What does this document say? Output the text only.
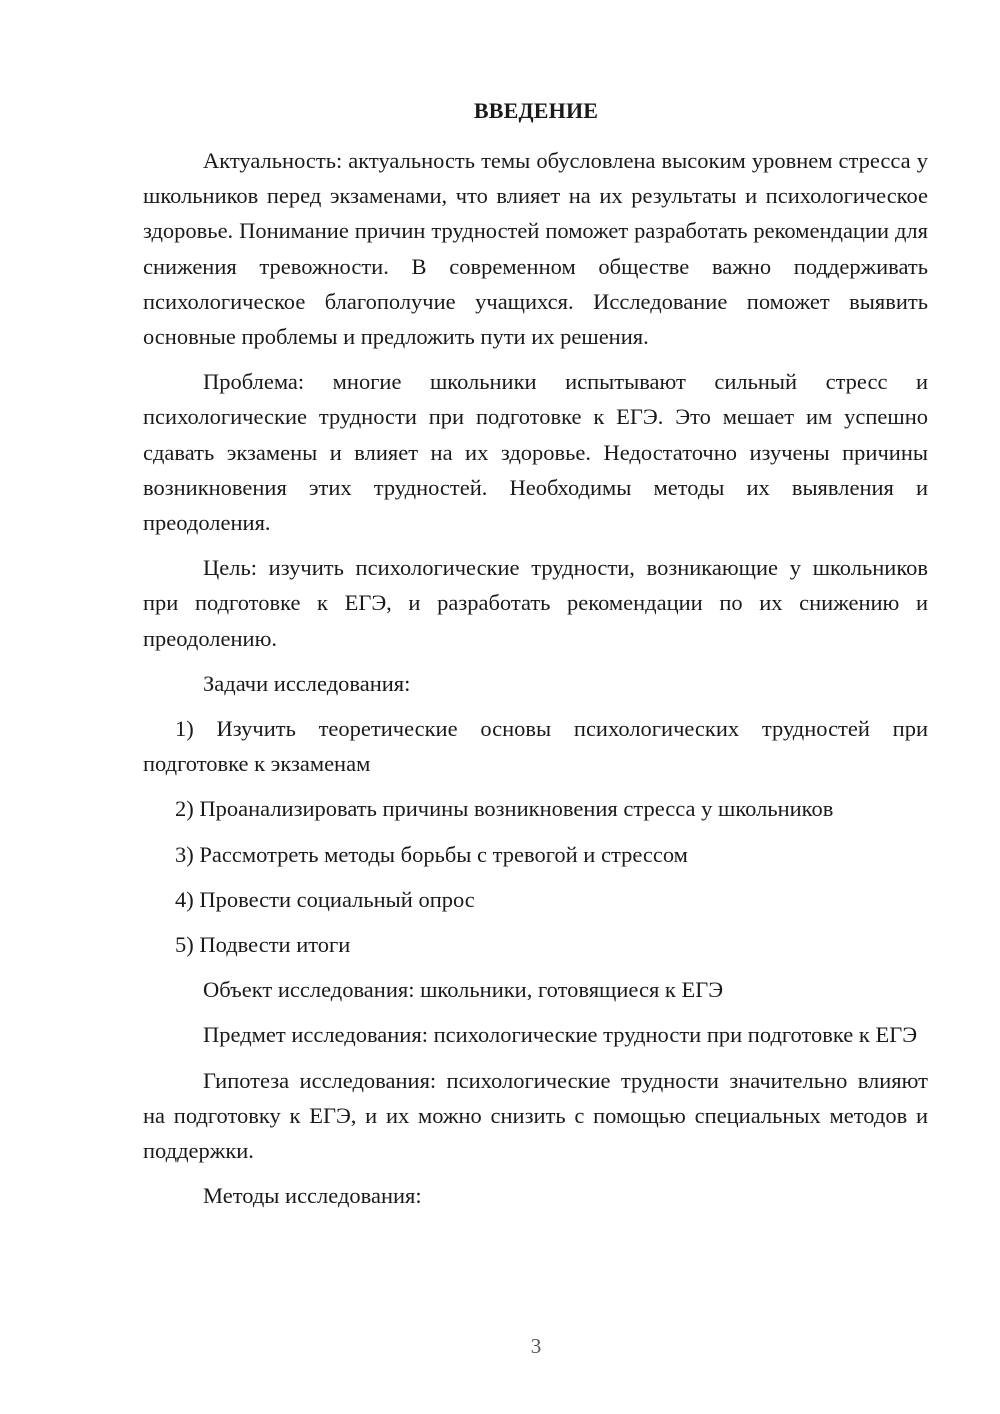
ВВЕДЕНИЕ

Актуальность: актуальность темы обусловлена высоким уровнем стресса у школьников перед экзаменами, что влияет на их результаты и психологическое здоровье. Понимание причин трудностей поможет разработать рекомендации для снижения тревожности. В современном обществе важно поддерживать психологическое благополучие учащихся. Исследование поможет выявить основные проблемы и предложить пути их решения.

Проблема: многие школьники испытывают сильный стресс и психологические трудности при подготовке к ЕГЭ. Это мешает им успешно сдавать экзамены и влияет на их здоровье. Недостаточно изучены причины возникновения этих трудностей. Необходимы методы их выявления и преодоления.

Цель: изучить психологические трудности, возникающие у школьников при подготовке к ЕГЭ, и разработать рекомендации по их снижению и преодолению.

Задачи исследования:

1) Изучить теоретические основы психологических трудностей при подготовке к экзаменам

2) Проанализировать причины возникновения стресса у школьников

3) Рассмотреть методы борьбы с тревогой и стрессом

4) Провести социальный опрос

5) Подвести итоги

Объект исследования: школьники, готовящиеся к ЕГЭ

Предмет исследования: психологические трудности при подготовке к ЕГЭ

Гипотеза исследования: психологические трудности значительно влияют на подготовку к ЕГЭ, и их можно снизить с помощью специальных методов и поддержки.

Методы исследования:

3
